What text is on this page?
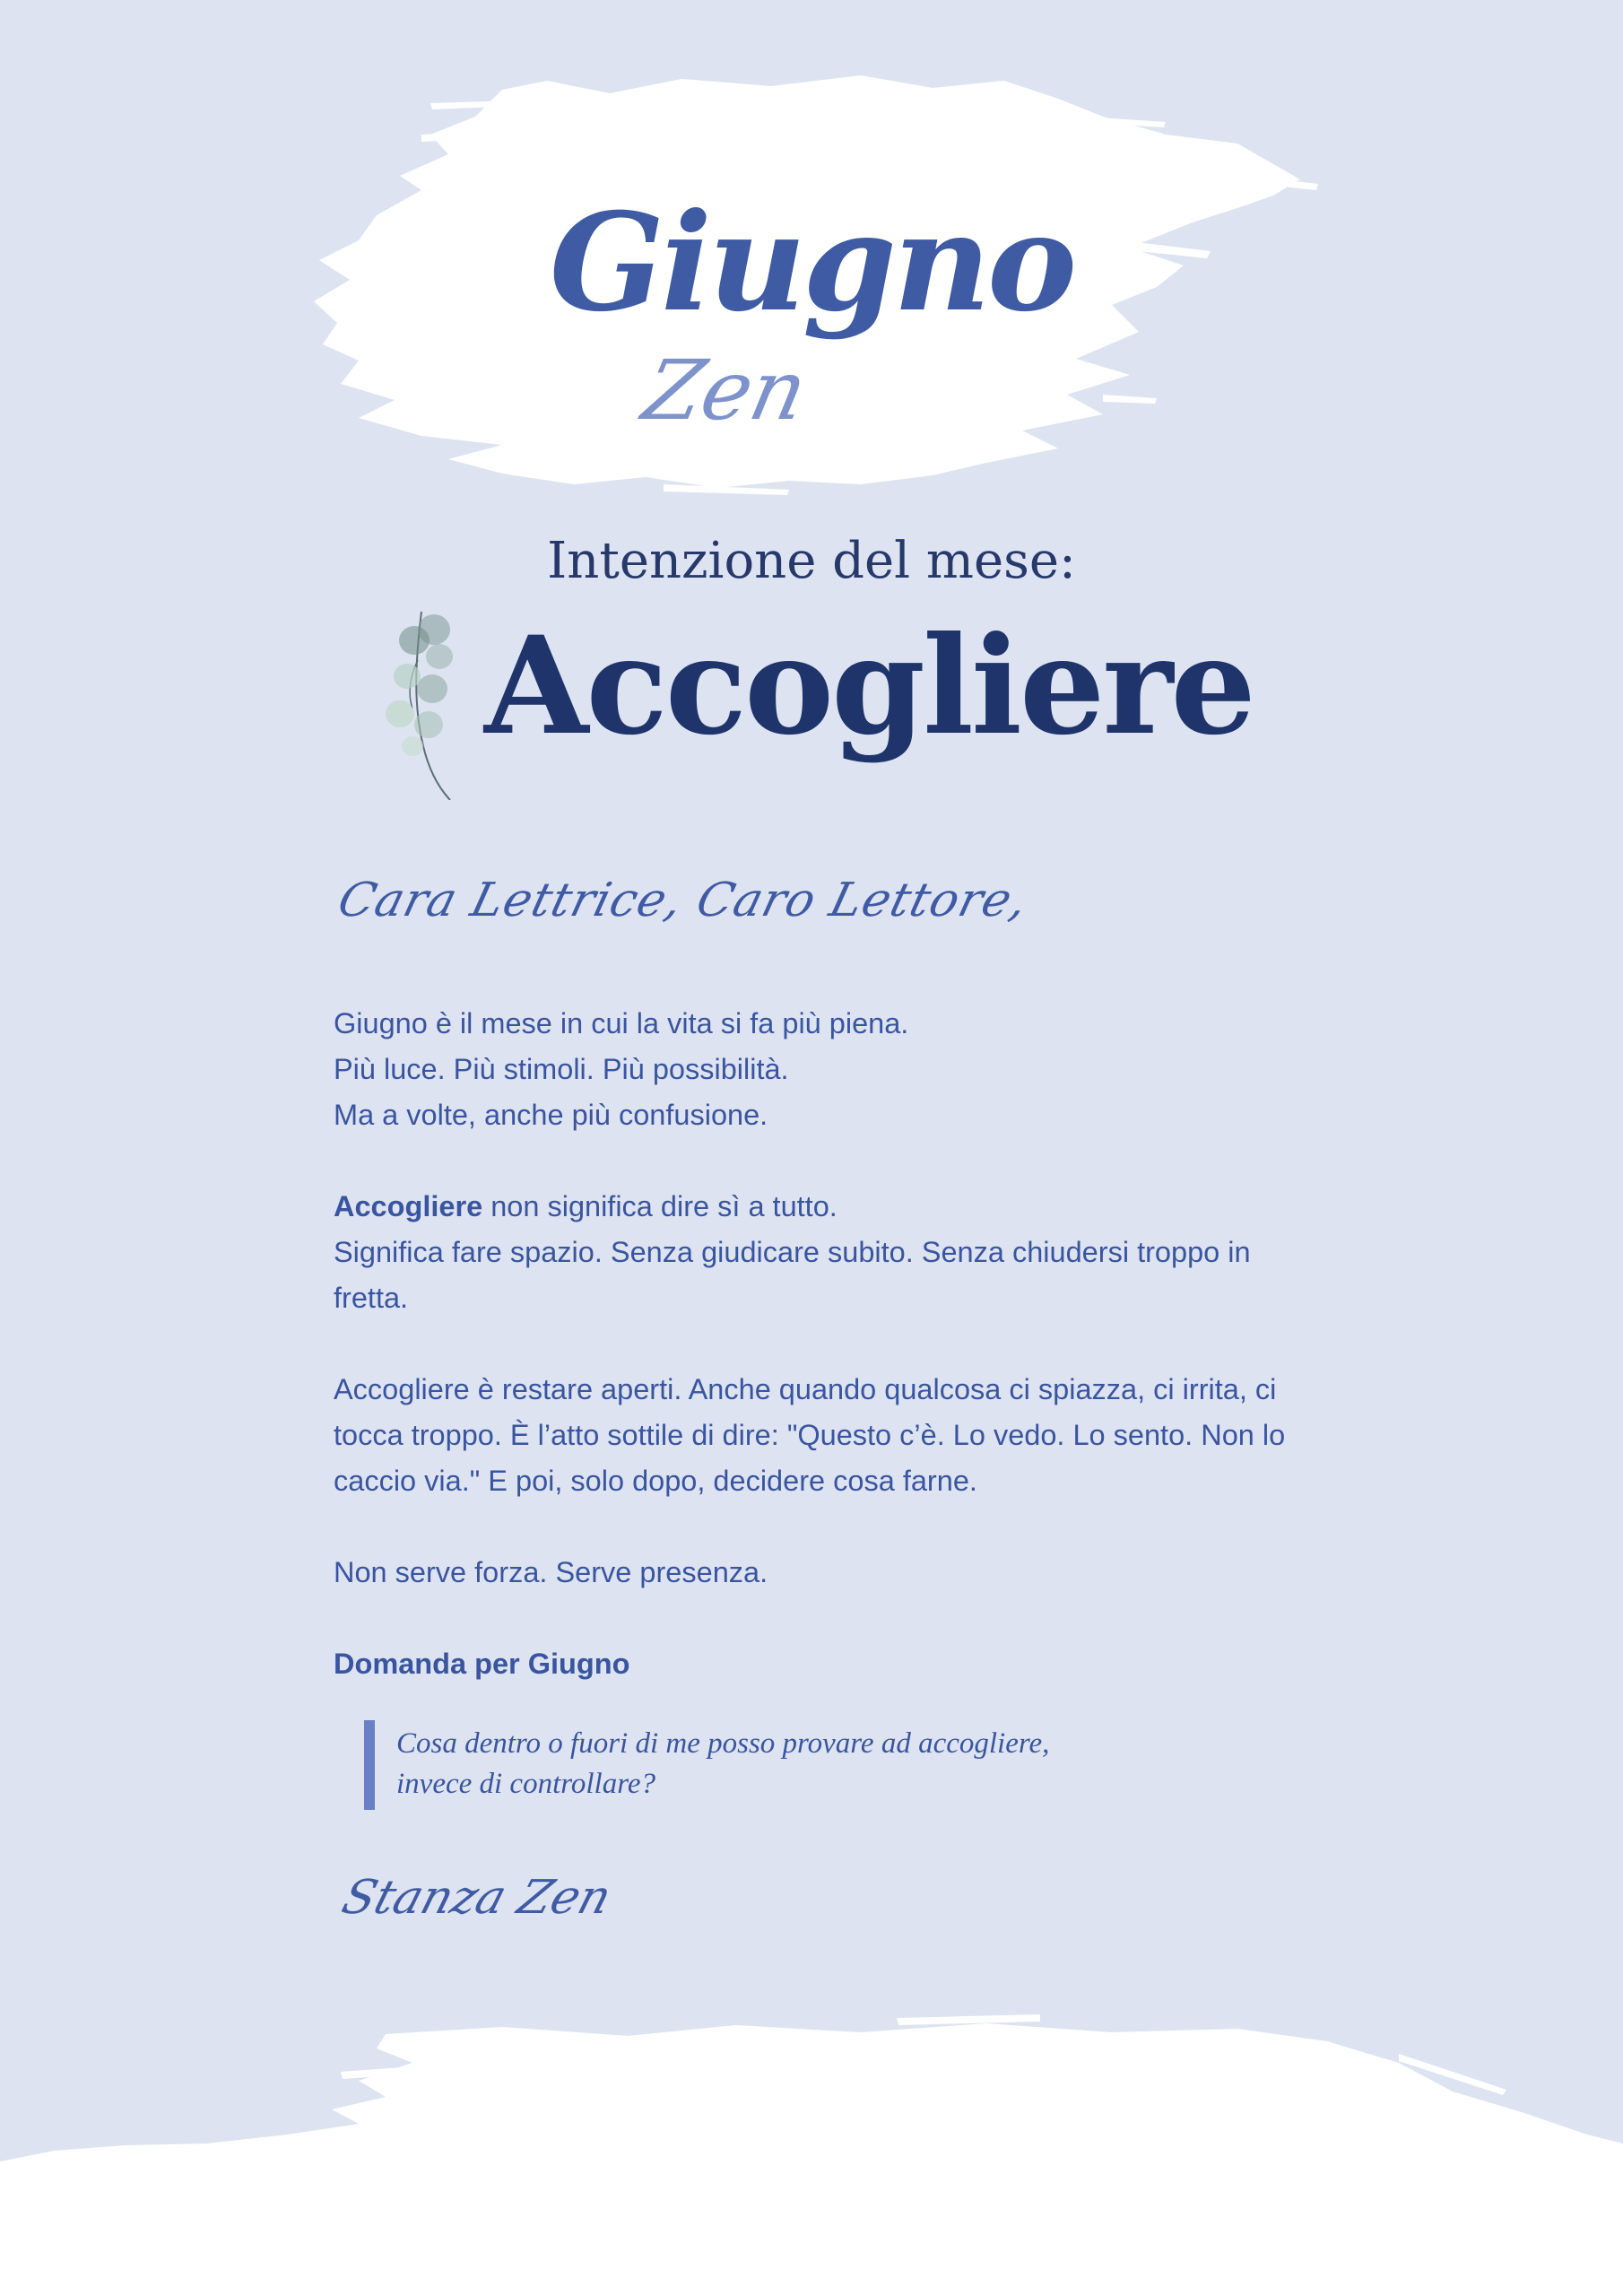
Giugno
Zen
Intenzione del mese:
Accogliere
Cara Lettrice, Caro Lettore,

Giugno è il mese in cui la vita si fa più piena.

Più luce. Più stimoli. Più possibilità.

Ma a volte, anche più confusione.

Accogliere non significa dire sì a tutto.

Significa fare spazio. Senza giudicare subito. Senza chiudersi troppo in

fretta.

Accogliere è restare aperti. Anche quando qualcosa ci spiazza, ci irrita, ci

tocca troppo. È l’atto sottile di dire: "Questo c’è. Lo vedo. Lo sento. Non lo

caccio via." E poi, solo dopo, decidere cosa farne.

Non serve forza. Serve presenza.

Domanda per Giugno

Cosa dentro o fuori di me posso provare ad accogliere,

invece di controllare?

Stanza Zen
